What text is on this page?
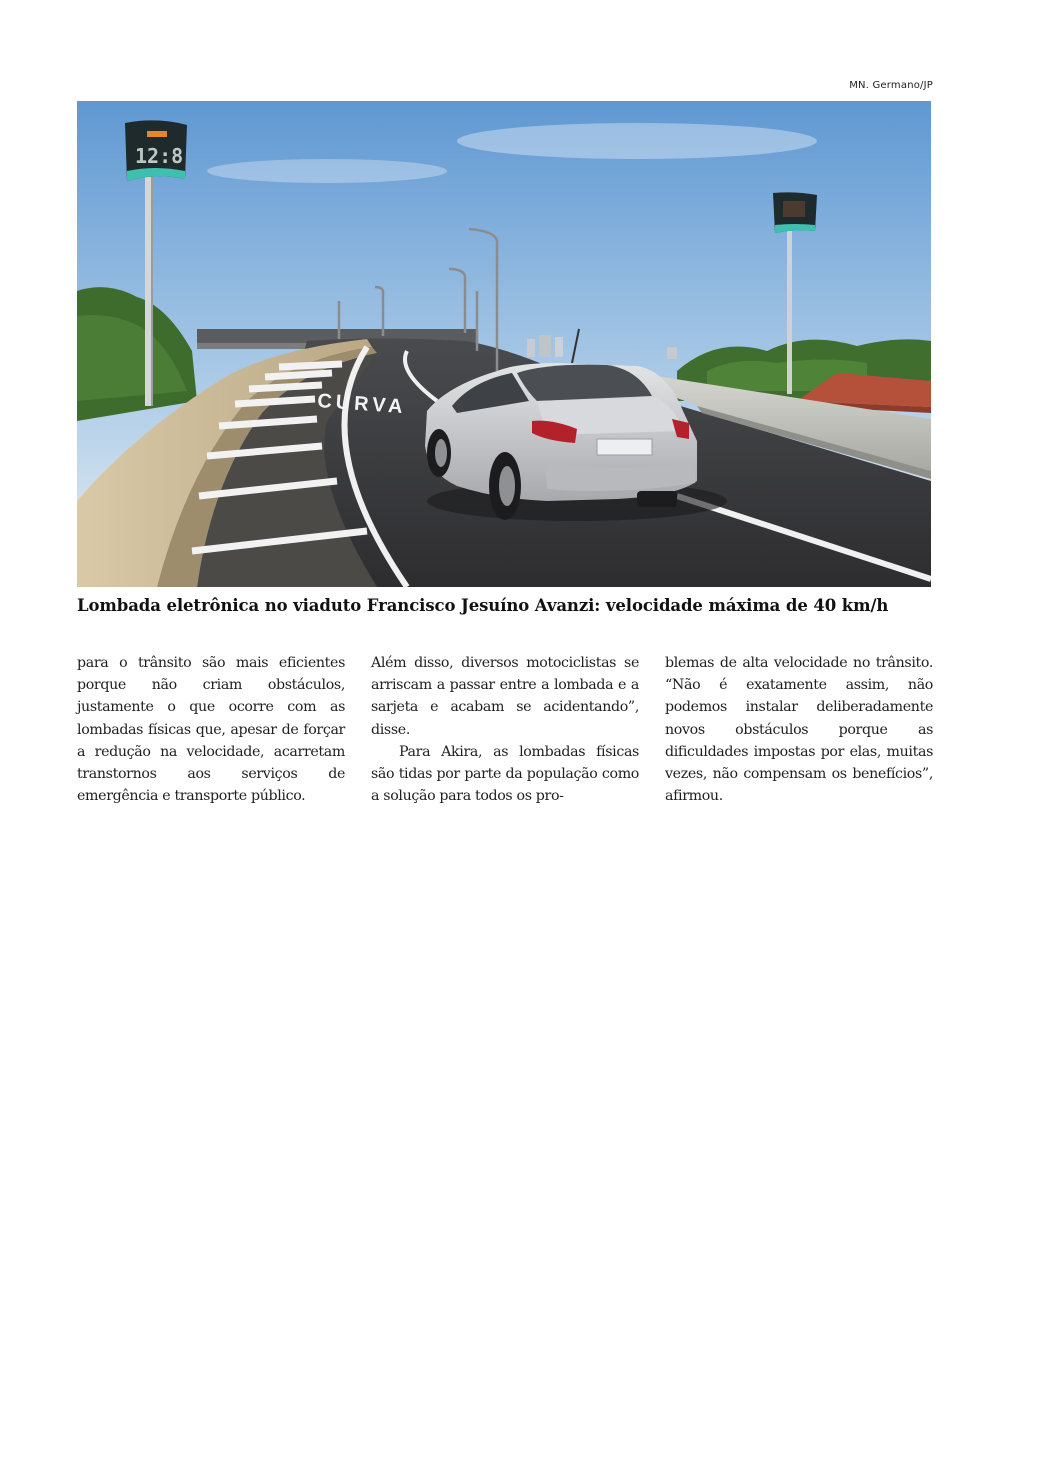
MN. Germano/JP
CURVA
12:8
Lombada eletrônica no viaduto Francisco Jesuíno Avanzi: velocidade máxima de 40 km/h

para o trânsito são mais eficientes porque não criam obstáculos, justamente o que ocorre com as lombadas físicas que, apesar de forçar a redução na velocidade, acarretam transtornos aos serviços de emergência e transporte público.

Além disso, diversos motociclistas se arriscam a passar entre a lombada e a sarjeta e acabam se acidentando”, disse.

Para Akira, as lombadas físicas são tidas por parte da população como a solução para todos os pro-

blemas de alta velocidade no trânsito. “Não é exatamente assim, não podemos instalar deliberadamente novos obstáculos porque as dificuldades impostas por elas, muitas vezes, não compensam os benefícios”, afirmou.
